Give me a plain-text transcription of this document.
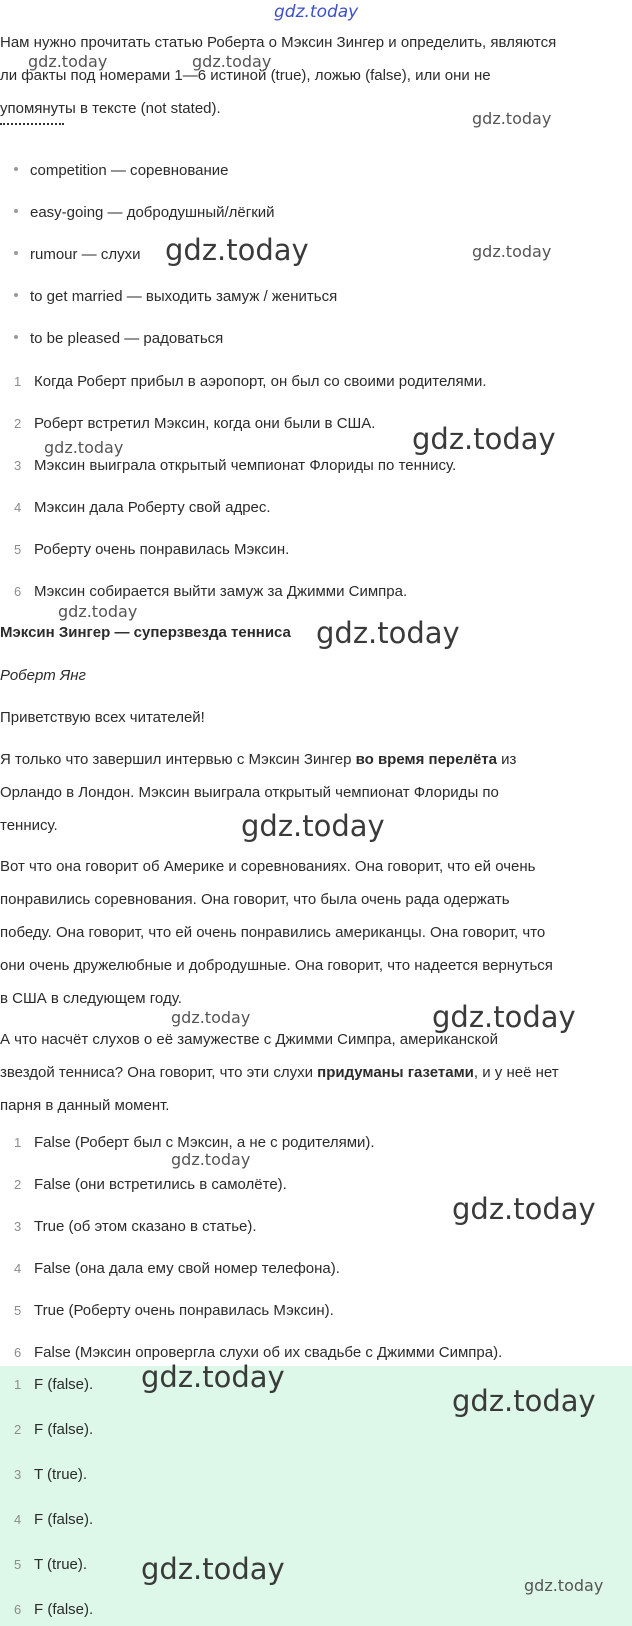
gdz.today

Нам нужно прочитать статью Роберта о Мэксин Зингер и определить, являются

ли факты под номерами 1—6 истиной (true), ложью (false), или они не

упомянуты в тексте (not stated).

competition — соревнование
easy-going — добродушный/лёгкий
rumour — слухи
to get married — выходить замуж / жениться
to be pleased — радоваться
1 Когда Роберт прибыл в аэропорт, он был со своими родителями.
2 Роберт встретил Мэксин, когда они были в США.
3 Мэксин выиграла открытый чемпионат Флориды по теннису.
4 Мэксин дала Роберту свой адрес.
5 Роберту очень понравилась Мэксин.
6 Мэксин собирается выйти замуж за Джимми Симпра.

Мэксин Зингер — суперзвезда тенниса

Роберт Янг

Приветствую всех читателей!

Я только что завершил интервью с Мэксин Зингер во время перелёта из

Орландо в Лондон. Мэксин выиграла открытый чемпионат Флориды по

теннису.

Вот что она говорит об Америке и соревнованиях. Она говорит, что ей очень

понравились соревнования. Она говорит, что была очень рада одержать

победу. Она говорит, что ей очень понравились американцы. Она говорит, что

они очень дружелюбные и добродушные. Она говорит, что надеется вернуться

в США в следующем году.

А что насчёт слухов о её замужестве с Джимми Симпра, американской

звездой тенниса? Она говорит, что эти слухи придуманы газетами, и у неё нет

парня в данный момент.

1 False (Роберт был с Мэксин, а не с родителями).
2 False (они встретились в самолёте).
3 True (об этом сказано в статье).
4 False (она дала ему свой номер телефона).
5 True (Роберту очень понравилась Мэксин).
6 False (Мэксин опровергла слухи об их свадьбе с Джимми Симпра).
1 F (false).
2 F (false).
3 T (true).
4 F (false).
5 T (true).
6 F (false).
gdz.today	gdz.today
gdz.today
gdz.today	gdz.today
gdz.today	gdz.today
gdz.today
gdz.today
gdz.today
gdz.today	gdz.today
gdz.today
gdz.today
gdz.today
gdz.today
gdz.today	gdz.today
